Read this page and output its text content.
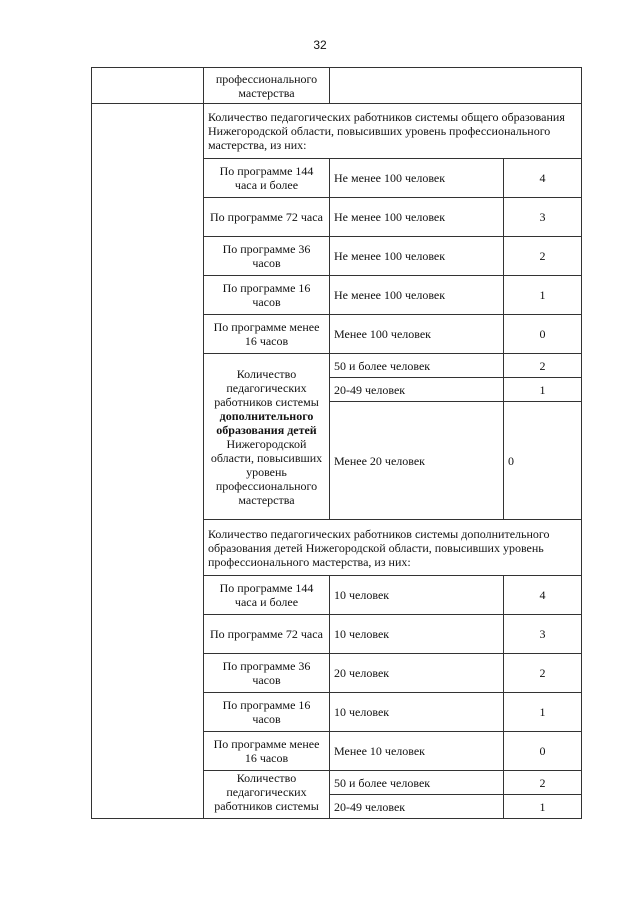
32

	профессионального
мастерства		

	Количество педагогических работников системы общего образования Нижегородской области, повысивших уровень профессионального мастерства, из них:		
	По программе 144 часа и более	Не менее 100 человек	4
	По программе 72 часа	Не менее 100 человек	3
	По программе 36 часов	Не менее 100 человек	2
	По программе 16 часов	Не менее 100 человек	1
	По программе менее 16 часов	Менее 100 человек	0
	Количество педагогических работников системы дополнительного образования детей Нижегородской области, повысивших уровень профессионального мастерства	50 и более человек	2
		20-49 человек	1
		Менее 20 человек	0
	Количество педагогических работников системы дополнительного образования детей Нижегородской области, повысивших уровень профессионального мастерства, из них:		
	По программе 144 часа и более	10 человек	4
	По программе 72 часа	10 человек	3
	По программе 36 часов	20 человек	2
	По программе 16 часов	10 человек	1
	По программе менее 16 часов	Менее 10 человек	0
	Количество педагогических работников системы	50 и более человек	2
		20-49 человек	1
